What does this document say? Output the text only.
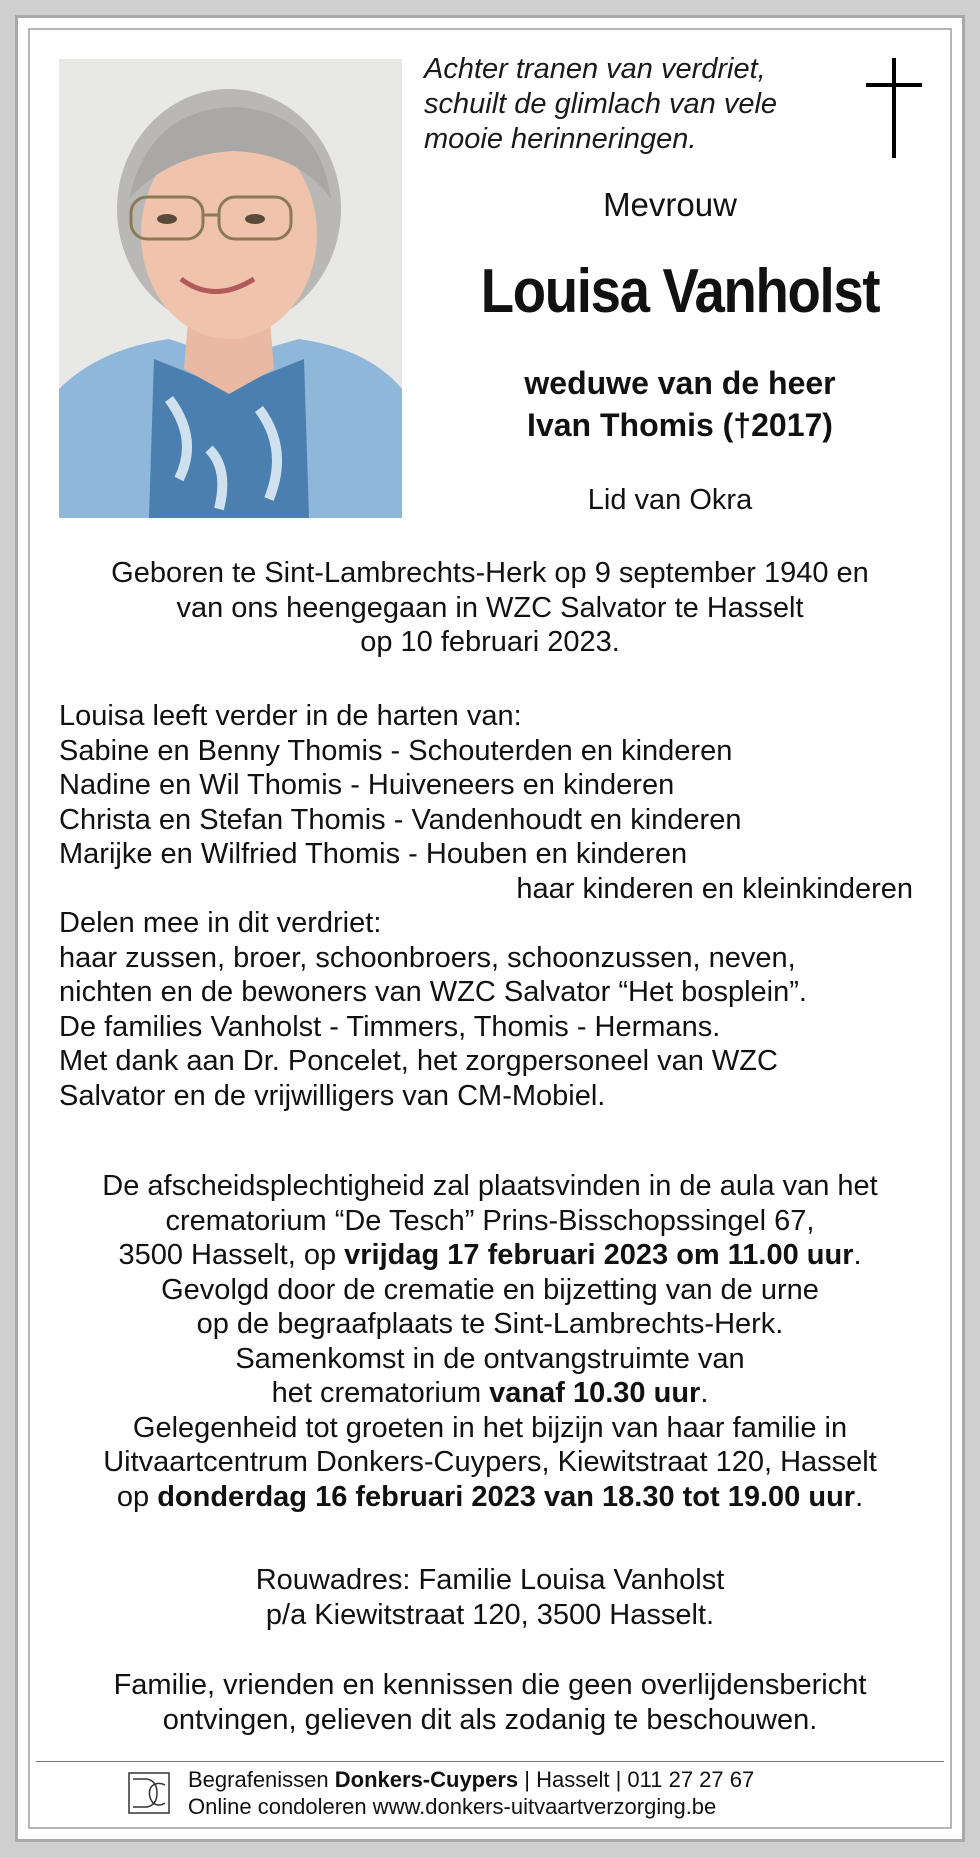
Achter tranen van verdriet,
schuilt de glimlach van vele
mooie herinneringen.
Mevrouw
Louisa Vanholst
weduwe van de heer
Ivan Thomis (†2017)
Lid van Okra
Geboren te Sint-Lambrechts-Herk op 9 september 1940 en
van ons heengegaan in WZC Salvator te Hasselt
op 10 februari 2023.
Louisa leeft verder in de harten van:
Sabine en Benny Thomis - Schouterden en kinderen
Nadine en Wil Thomis - Huiveneers en kinderen
Christa en Stefan Thomis - Vandenhoudt en kinderen
Marijke en Wilfried Thomis - Houben en kinderen
haar kinderen en kleinkinderen
Delen mee in dit verdriet:
haar zussen, broer, schoonbroers, schoonzussen, neven,
nichten en de bewoners van WZC Salvator “Het bosplein”.
De families Vanholst - Timmers, Thomis - Hermans.
Met dank aan Dr. Poncelet, het zorgpersoneel van WZC
Salvator en de vrijwilligers van CM-Mobiel.
De afscheidsplechtigheid zal plaatsvinden in de aula van het
crematorium “De Tesch” Prins-Bisschopssingel 67,
3500 Hasselt, op vrijdag 17 februari 2023 om 11.00 uur.
Gevolgd door de crematie en bijzetting van de urne
op de begraafplaats te Sint-Lambrechts-Herk.
Samenkomst in de ontvangstruimte van
het crematorium vanaf 10.30 uur.
Gelegenheid tot groeten in het bijzijn van haar familie in
Uitvaartcentrum Donkers-Cuypers, Kiewitstraat 120, Hasselt
op donderdag 16 februari 2023 van 18.30 tot 19.00 uur.
Rouwadres: Familie Louisa Vanholst
p/a Kiewitstraat 120, 3500 Hasselt.
Familie, vrienden en kennissen die geen overlijdensbericht
ontvingen, gelieven dit als zodanig te beschouwen.
Begrafenissen Donkers-Cuypers | Hasselt | 011 27 27 67
Online condoleren www.donkers-uitvaartverzorging.be
